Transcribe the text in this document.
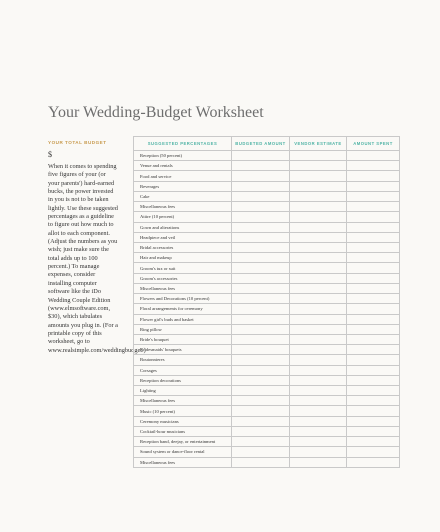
Your Wedding-Budget Worksheet
YOUR TOTAL BUDGET
$

When it comes to spending five figures of your (or your parents') hard-earned bucks, the power invested in you is not to be taken lightly. Use these suggested percentages as a guideline to figure out how much to allot to each component. (Adjust the numbers as you wish; just make sure the total adds up to 100 percent.) To manage expenses, consider installing computer software like the iDo Wedding Couple Edition (www.elmsoftware.com, $30), which tabulates amounts you plug in. (For a printable copy of this worksheet, go to www.realsimple.com/weddingbudget.)

SUGGESTED PERCENTAGES	BUDGETED AMOUNT	VENDOR ESTIMATE	AMOUNT SPENT
Reception (50 percent)			
Venue and rentals			
Food and service			
Beverages			
Cake			
Miscellaneous fees			
Attire (10 percent)			
Gown and alterations			
Headpiece and veil			
Bridal accessories			
Hair and makeup			
Groom's tux or suit			
Groom's accessories			
Miscellaneous fees			
Flowers and Decorations (10 percent)			
Floral arrangements for ceremony			
Flower girl's buds and basket			
Ring pillow			
Bride's bouquet			
Bridesmaids' bouquets			
Boutonnieres			
Corsages			
Reception decorations			
Lighting			
Miscellaneous fees			
Music (10 percent)			
Ceremony musicians			
Cocktail-hour musicians			
Reception band, deejay, or entertainment			
Sound system or dance-floor rental			
Miscellaneous fees			
